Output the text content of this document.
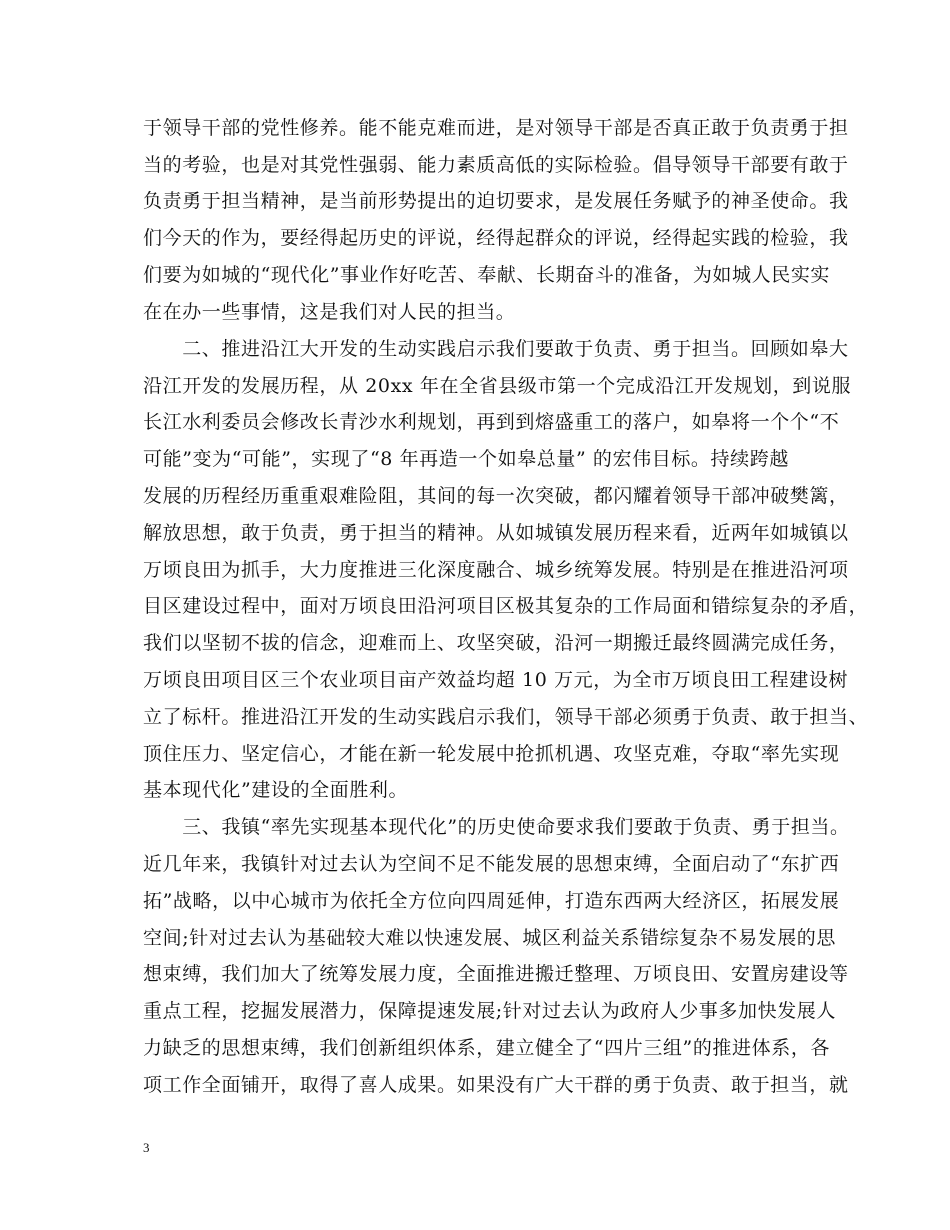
于领导干部的党性修养。能不能克难而进，是对领导干部是否真正敢于负责勇于担
当的考验，也是对其党性强弱、能力素质高低的实际检验。倡导领导干部要有敢于
负责勇于担当精神，是当前形势提出的迫切要求，是发展任务赋予的神圣使命。我
们今天的作为，要经得起历史的评说，经得起群众的评说，经得起实践的检验，我
们要为如城的“现代化”事业作好吃苦、奉献、长期奋斗的准备，为如城人民实实
在在办一些事情，这是我们对人民的担当。
　　二、推进沿江大开发的生动实践启示我们要敢于负责、勇于担当。回顾如皋大
沿江开发的发展历程，从 20xx 年在全省县级市第一个完成沿江开发规划，到说服
长江水利委员会修改长青沙水利规划，再到到熔盛重工的落户，如皋将一个个“不
可能”变为“可能”，实现了“8 年再造一个如皋总量” 的宏伟目标。持续跨越
发展的历程经历重重艰难险阻，其间的每一次突破，都闪耀着领导干部冲破樊篱，
解放思想，敢于负责，勇于担当的精神。从如城镇发展历程来看，近两年如城镇以
万顷良田为抓手，大力度推进三化深度融合、城乡统筹发展。特别是在推进沿河项
目区建设过程中，面对万顷良田沿河项目区极其复杂的工作局面和错综复杂的矛盾，
我们以坚韧不拔的信念，迎难而上、攻坚突破，沿河一期搬迁最终圆满完成任务，
万顷良田项目区三个农业项目亩产效益均超 10 万元，为全市万顷良田工程建设树
立了标杆。推进沿江开发的生动实践启示我们，领导干部必须勇于负责、敢于担当、
顶住压力、坚定信心，才能在新一轮发展中抢抓机遇、攻坚克难，夺取“率先实现
基本现代化”建设的全面胜利。
　　三、我镇“率先实现基本现代化”的历史使命要求我们要敢于负责、勇于担当。
近几年来，我镇针对过去认为空间不足不能发展的思想束缚，全面启动了“东扩西
拓”战略，以中心城市为依托全方位向四周延伸，打造东西两大经济区，拓展发展
空间;针对过去认为基础较大难以快速发展、城区利益关系错综复杂不易发展的思
想束缚，我们加大了统筹发展力度，全面推进搬迁整理、万顷良田、安置房建设等
重点工程，挖掘发展潜力，保障提速发展;针对过去认为政府人少事多加快发展人
力缺乏的思想束缚，我们创新组织体系，建立健全了“四片三组”的推进体系，各
项工作全面铺开，取得了喜人成果。如果没有广大干群的勇于负责、敢于担当，就
3
